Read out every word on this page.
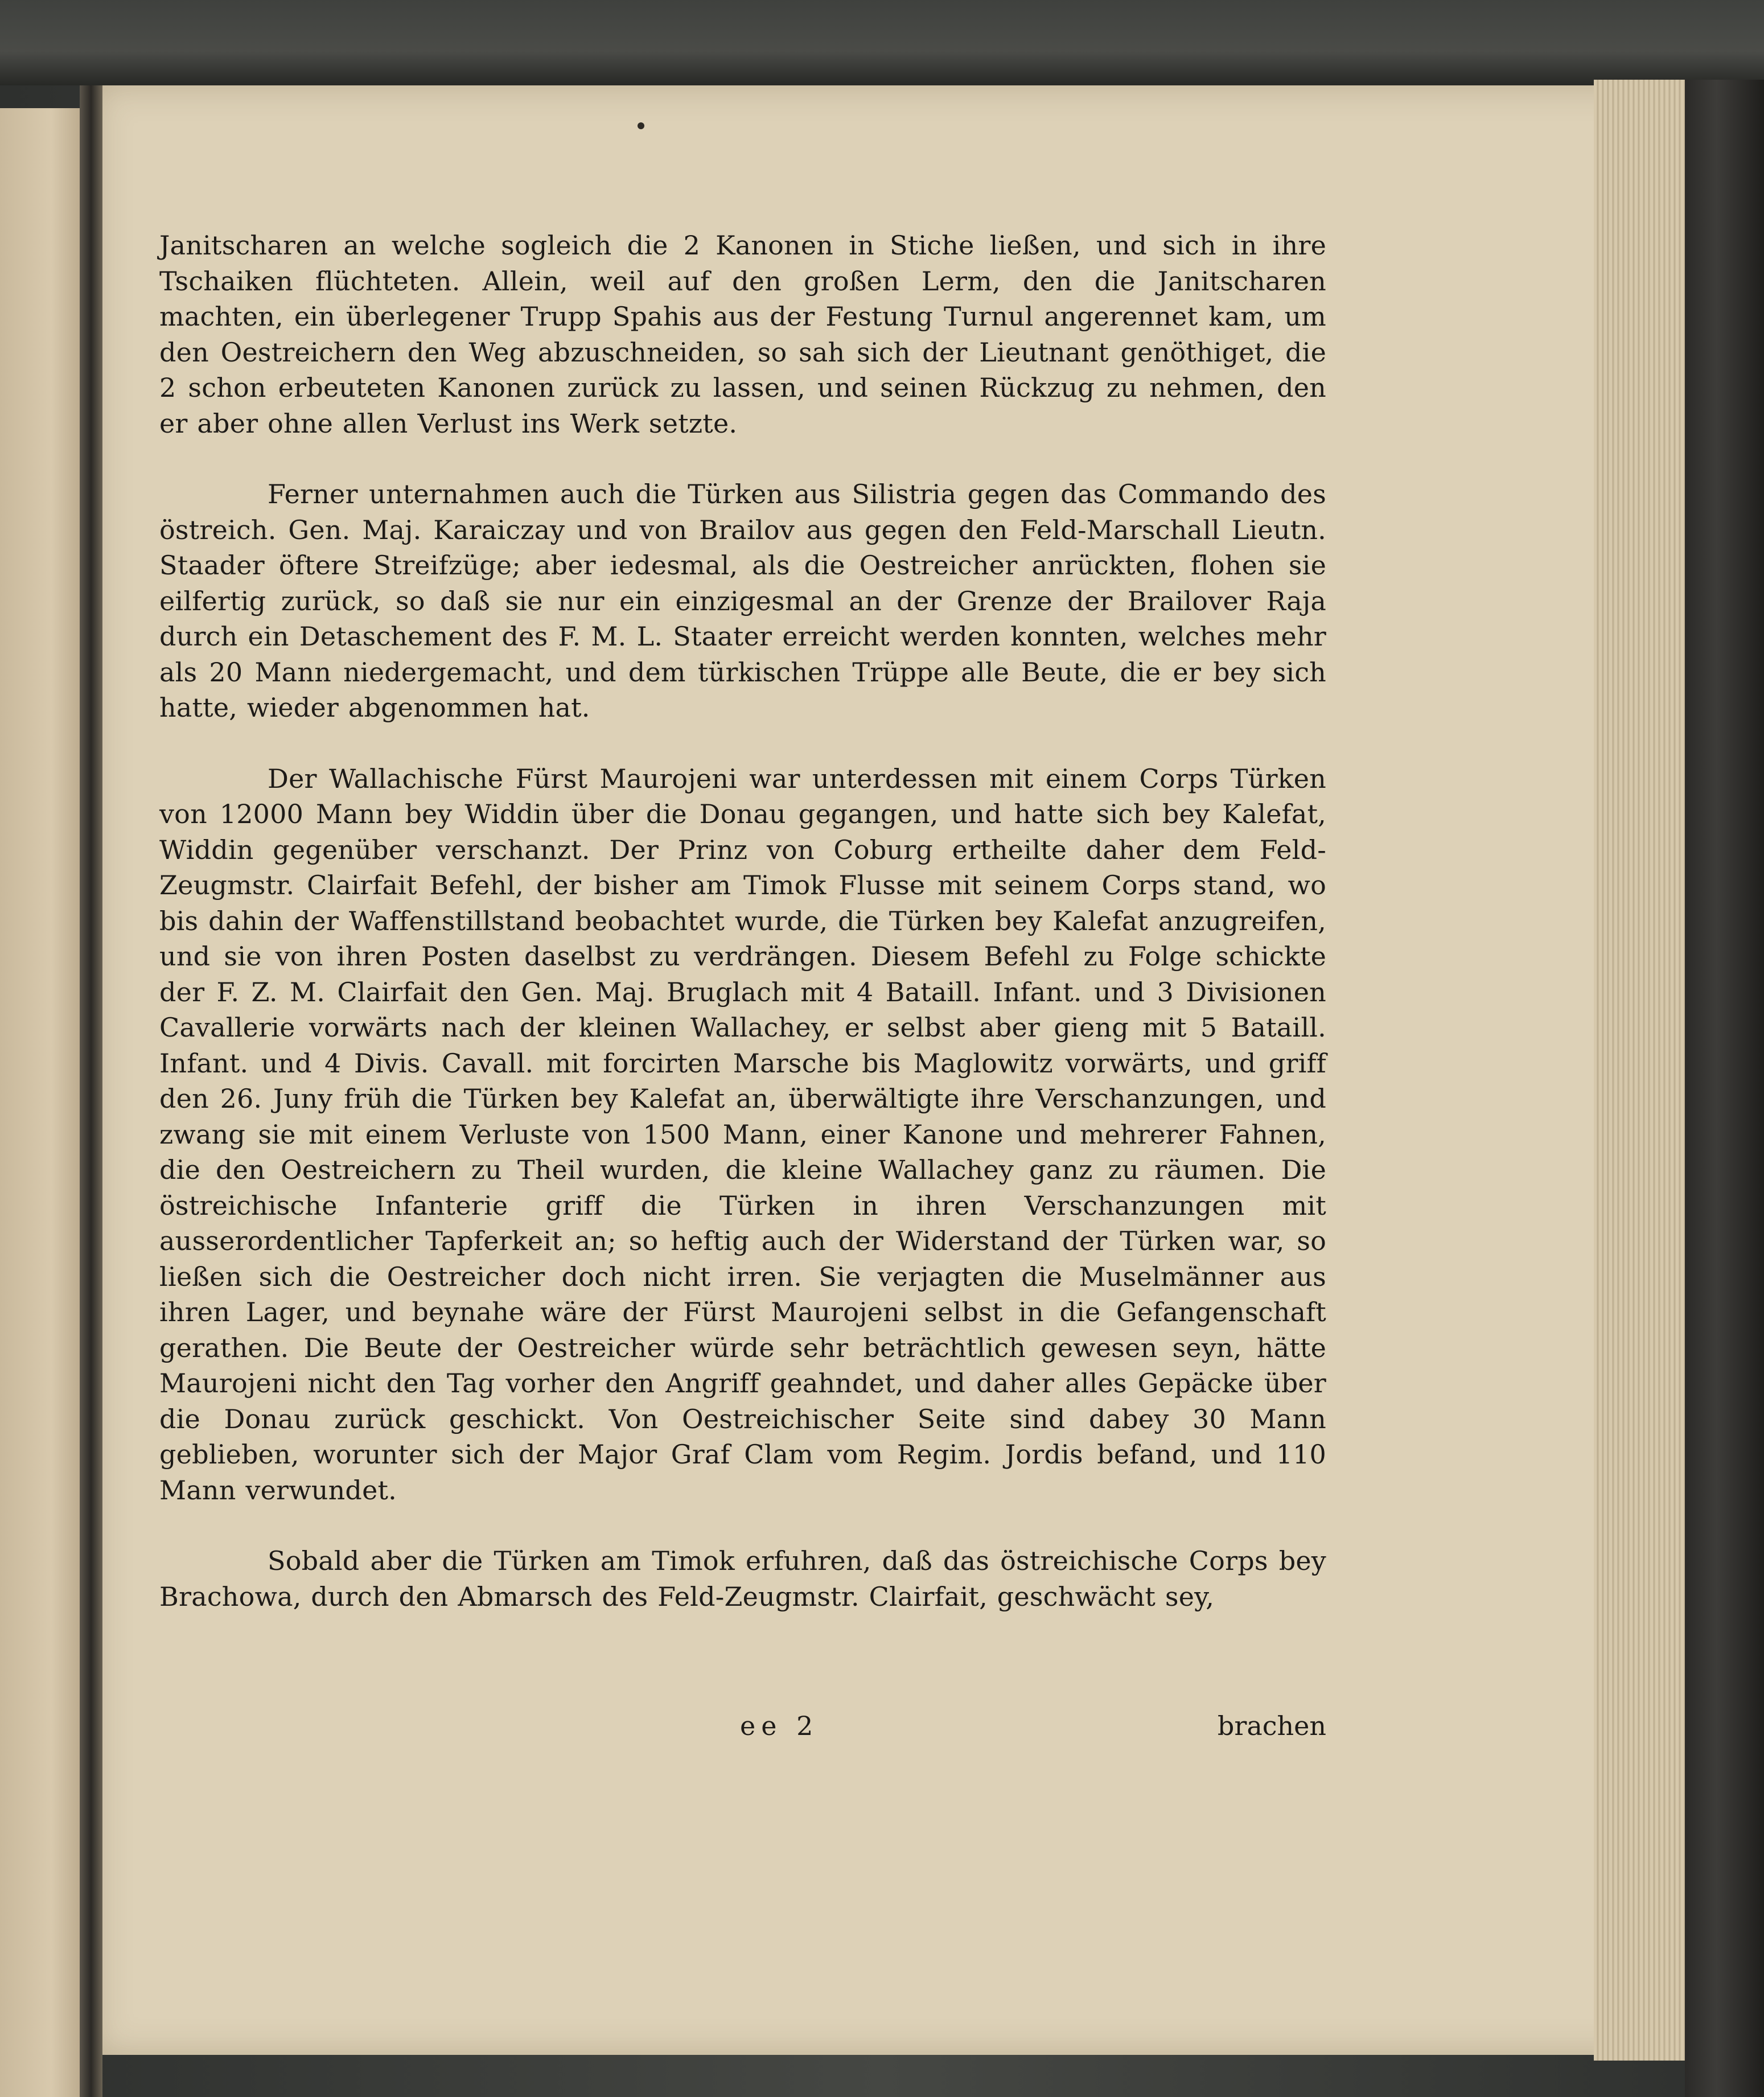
Janitscharen an welche sogleich die 2 Kanonen in Stiche ließen, und sich in ihre Tschaiken flüchteten. Allein, weil auf den großen Lerm, den die Janitscharen machten, ein überlegener Trupp Spahis aus der Festung Turnul angerennet kam, um den Oestreichern den Weg abzuschneiden, so sah sich der Lieutnant genöthiget, die 2 schon erbeuteten Kanonen zurück zu lassen, und seinen Rückzug zu nehmen, den er aber ohne allen Verlust ins Werk setzte.

Ferner unternahmen auch die Türken aus Silistria gegen das Commando des östreich. Gen. Maj. Karaiczay und von Brailov aus gegen den Feld-Marschall Lieutn. Staader öftere Streifzüge; aber iedesmal, als die Oestreicher anrückten, flohen sie eilfertig zurück, so daß sie nur ein einzigesmal an der Grenze der Brailover Raja durch ein Detaschement des F. M. L. Staater erreicht werden konnten, welches mehr als 20 Mann niedergemacht, und dem türkischen Trüppe alle Beute, die er bey sich hatte, wieder abgenommen hat.

Der Wallachische Fürst Maurojeni war unterdessen mit einem Corps Türken von 12000 Mann bey Widdin über die Donau gegangen, und hatte sich bey Kalefat, Widdin gegenüber verschanzt. Der Prinz von Coburg ertheilte daher dem Feld-Zeugmstr. Clairfait Befehl, der bisher am Timok Flusse mit seinem Corps stand, wo bis dahin der Waffenstillstand beobachtet wurde, die Türken bey Kalefat anzugreifen, und sie von ihren Posten daselbst zu verdrängen. Diesem Befehl zu Folge schickte der F. Z. M. Clairfait den Gen. Maj. Bruglach mit 4 Bataill. Infant. und 3 Divisionen Cavallerie vorwärts nach der kleinen Wallachey, er selbst aber gieng mit 5 Bataill. Infant. und 4 Divis. Cavall. mit forcirten Marsche bis Maglowitz vorwärts, und griff den 26. Juny früh die Türken bey Kalefat an, überwältigte ihre Verschanzungen, und zwang sie mit einem Verluste von 1500 Mann, einer Kanone und mehrerer Fahnen, die den Oestreichern zu Theil wurden, die kleine Wallachey ganz zu räumen. Die östreichische Infanterie griff die Türken in ihren Verschanzungen mit ausserordentlicher Tapferkeit an; so heftig auch der Widerstand der Türken war, so ließen sich die Oestreicher doch nicht irren. Sie verjagten die Muselmänner aus ihren Lager, und beynahe wäre der Fürst Maurojeni selbst in die Gefangenschaft gerathen. Die Beute der Oestreicher würde sehr beträchtlich gewesen seyn, hätte Maurojeni nicht den Tag vorher den Angriff geahndet, und daher alles Gepäcke über die Donau zurück geschickt. Von Oestreichischer Seite sind dabey 30 Mann geblieben, worunter sich der Major Graf Clam vom Regim. Jordis befand, und 110 Mann verwundet.

Sobald aber die Türken am Timok erfuhren, daß das östreichische Corps bey Brachowa, durch den Abmarsch des Feld-Zeugmstr. Clairfait, geschwächt sey,

ee 2	brachen
